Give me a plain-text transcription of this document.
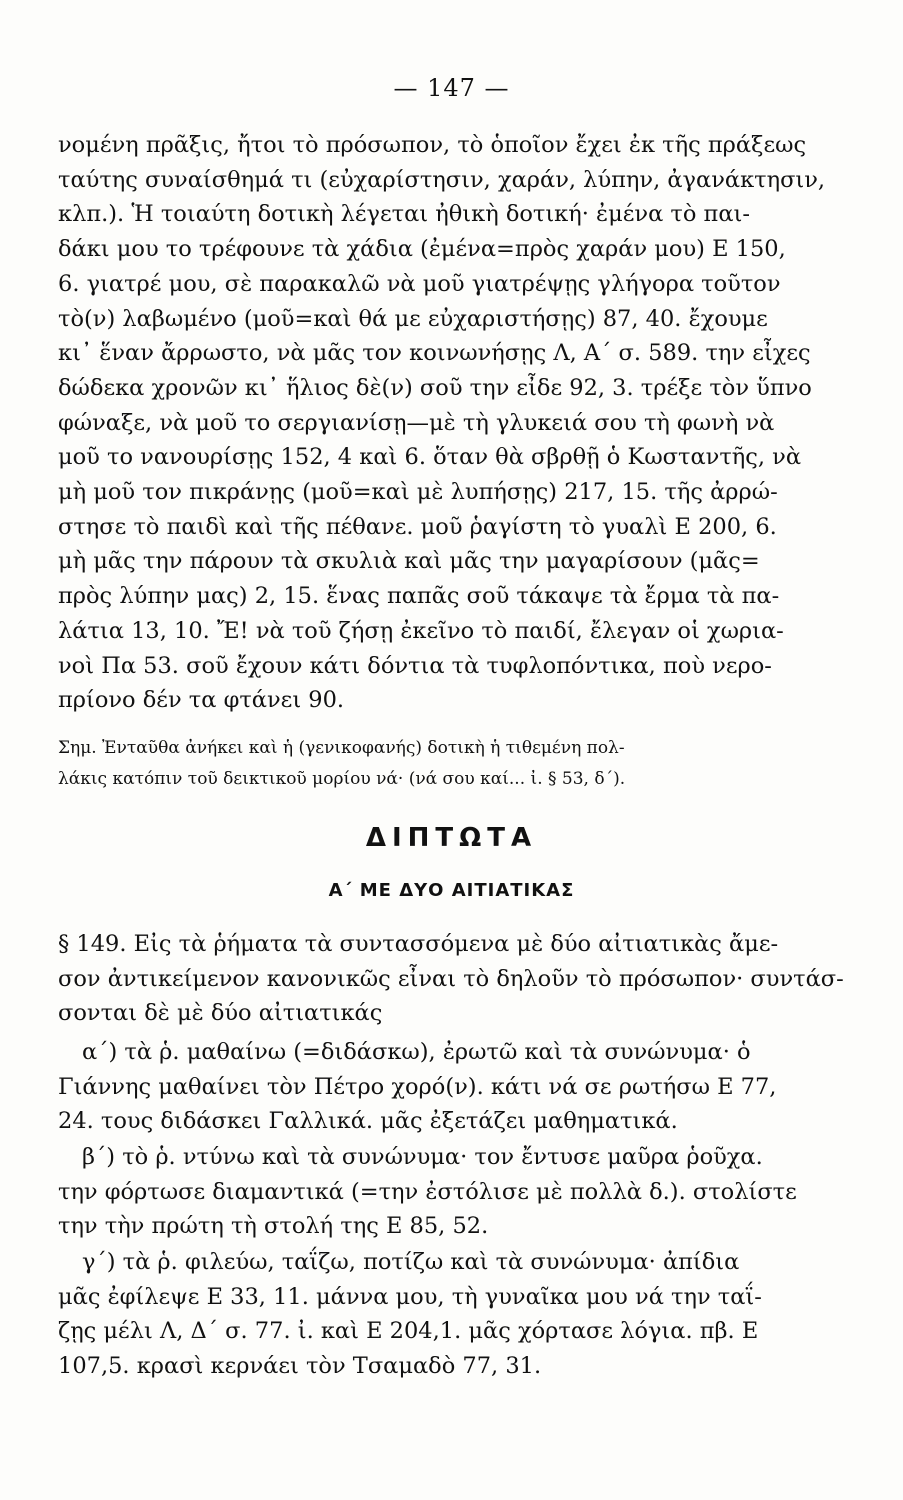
— 147 —
νομένη πρᾶξις, ἤτοι τὸ πρόσωπον, τὸ ὁποῖον ἔχει ἐκ τῆς πράξεως
ταύτης συναίσθημά τι (εὐχαρίστησιν, χαράν, λύπην, ἀγανάκτησιν,
κλπ.). Ἡ τοιαύτη δοτικὴ λέγεται ἠθικὴ δοτική· ἐμένα τὸ παι-
δάκι μου το τρέφουνε τὰ χάδια (ἐμένα=πρὸς χαράν μου) Ε 150,
6. γιατρέ μου, σὲ παρακαλῶ νὰ μοῦ γιατρέψῃς γλήγορα τοῦτον
τὸ(ν) λαβωμένο (μοῦ=καὶ θά με εὐχαριστήσῃς) 87, 40. ἔχουμε
κι᾽ ἕναν ἄρρωστο, νὰ μᾶς τον κοινωνήσῃς Λ, Α΄ σ. 589. την εἶχες
δώδεκα χρονῶν κι᾽ ἥλιος δὲ(ν) σοῦ την εἶδε 92, 3. τρέξε τὸν ὕπνο
φώναξε, νὰ μοῦ το σεργιανίσῃ—μὲ τὴ γλυκειά σου τὴ φωνὴ νὰ
μοῦ το νανουρίσῃς 152, 4 καὶ 6. ὅταν θὰ σβρθῇ ὁ Κωσταντῆς, νὰ
μὴ μοῦ τον πικράνῃς (μοῦ=καὶ μὲ λυπήσῃς) 217, 15. τῆς ἀρρώ-
στησε τὸ παιδὶ καὶ τῆς πέθανε. μοῦ ῥαγίστη τὸ γυαλὶ Ε 200, 6.
μὴ μᾶς την πάρουν τὰ σκυλιὰ καὶ μᾶς την μαγαρίσουν (μᾶς=
πρὸς λύπην μας) 2, 15. ἕνας παπᾶς σοῦ τάκαψε τὰ ἔρμα τὰ πα-
λάτια 13, 10. Ἔ! νὰ τοῦ ζήσῃ ἐκεῖνο τὸ παιδί, ἔλεγαν οἱ χωρια-
νοὶ Πα 53. σοῦ ἔχουν κάτι δόντια τὰ τυφλοπόντικα, ποὺ νερο-
πρίονο δέν τα φτάνει 90.
Σημ. Ἐνταῦθα ἀνήκει καὶ ἡ (γενικοφανής) δοτικὴ ἡ τιθεμένη πολ-
λάκις κατόπιν τοῦ δεικτικοῦ μορίου νά· (νά σου καί... ἰ. § 53, δ΄).
ΔΙΠΤΩΤΑ
Α΄ ΜΕ ΔΥΟ ΑΙΤΙΑΤΙΚΑΣ
§ 149. Εἰς τὰ ῥήματα τὰ συντασσόμενα μὲ δύο αἰτιατικὰς ἄμε-
σον ἀντικείμενον κανονικῶς εἶναι τὸ δηλοῦν τὸ πρόσωπον· συντάσ-
σονται δὲ μὲ δύο αἰτιατικάς
α΄) τὰ ῥ. μαθαίνω (=διδάσκω), ἐρωτῶ καὶ τὰ συνώνυμα· ὁ
Γιάννης μαθαίνει τὸν Πέτρο χορό(ν). κάτι νά σε ρωτήσω Ε 77,
24. τους διδάσκει Γαλλικά. μᾶς ἐξετάζει μαθηματικά.
β΄) τὸ ῥ. ντύνω καὶ τὰ συνώνυμα· τον ἔντυσε μαῦρα ῥοῦχα.
την φόρτωσε διαμαντικά (=την ἐστόλισε μὲ πολλὰ δ.). στολίστε
την τὴν πρώτη τὴ στολή της Ε 85, 52.
γ΄) τὰ ῥ. φιλεύω, ταΐζω, ποτίζω καὶ τὰ συνώνυμα· ἀπίδια
μᾶς ἐφίλεψε Ε 33, 11. μάννα μου, τὴ γυναῖκα μου νά την ταΐ-
ζῃς μέλι Λ, Δ΄ σ. 77. ἰ. καὶ Ε 204,1. μᾶς χόρτασε λόγια. πβ. Ε
107,5. κρασὶ κερνάει τὸν Τσαμαδὸ 77, 31.
